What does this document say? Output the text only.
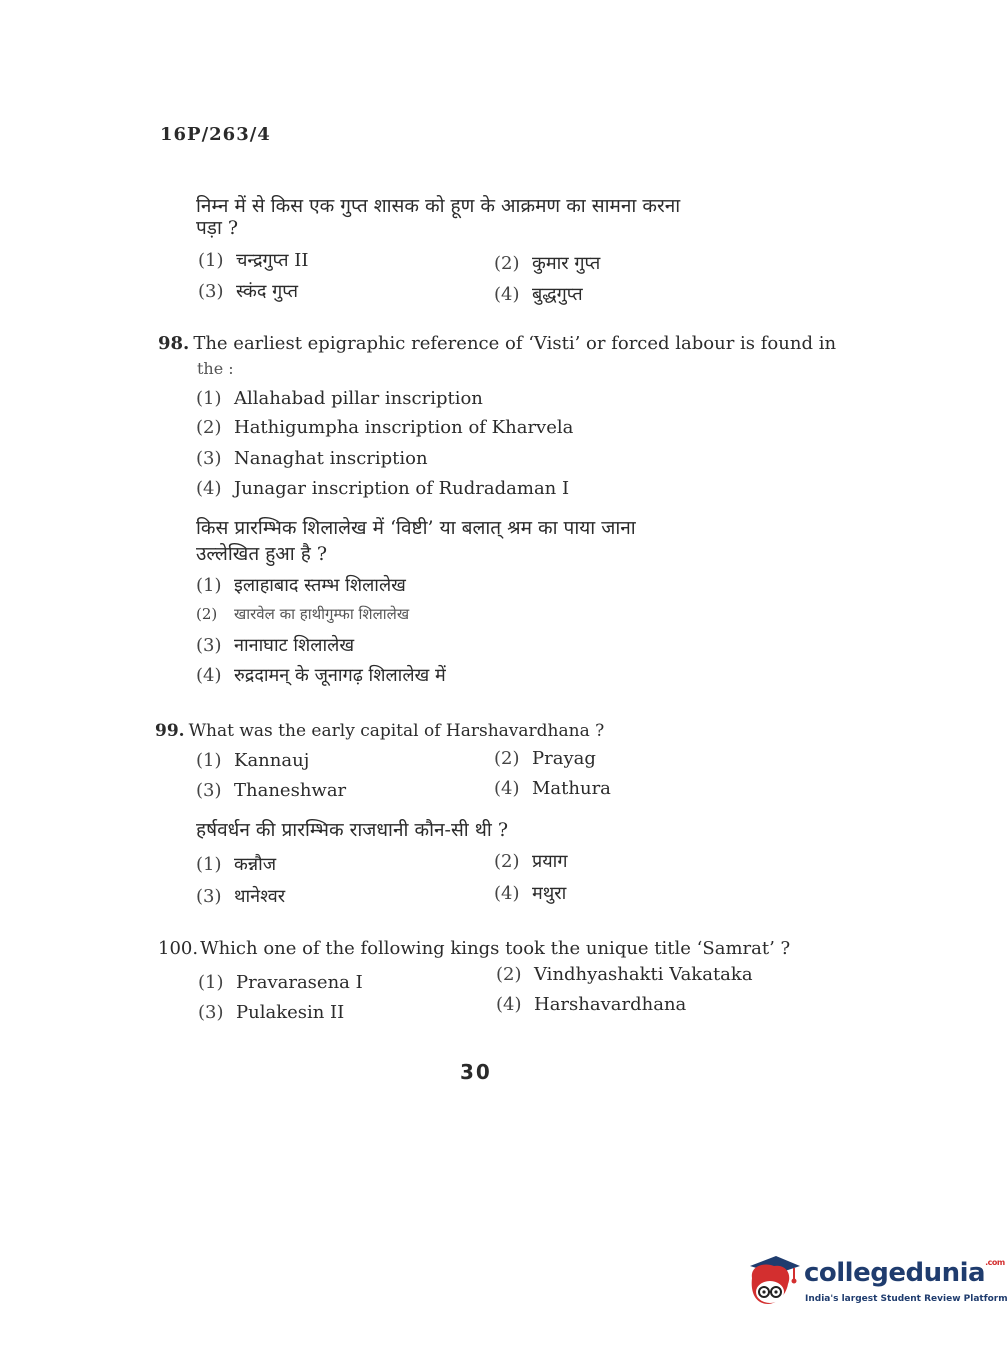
16P/263/4
निम्न में से किस एक गुप्त शासक को हूण के आक्रमण का सामना करना
पड़ा ?
(1) चन्द्रगुप्त II	(2) कुमार गुप्त
(3) स्कंद गुप्त	(4) बुद्धगुप्त
98. The earliest epigraphic reference of ‘Visti’ or forced labour is found in
the :
(1) Allahabad pillar inscription
(2) Hathigumpha inscription of Kharvela
(3) Nanaghat inscription
(4) Junagar inscription of Rudradaman I
किस प्रारम्भिक शिलालेख में ‘विष्टी’ या बलात् श्रम का पाया जाना
उल्लेखित हुआ है ?
(1) इलाहाबाद स्तम्भ शिलालेख
(2) खारवेल का हाथीगुम्फा शिलालेख
(3) नानाघाट शिलालेख
(4) रुद्रदामन् के जूनागढ़ शिलालेख में
99. What was the early capital of Harshavardhana ?
(1) Kannauj	(2) Prayag
(3) Thaneshwar	(4) Mathura
हर्षवर्धन की प्रारम्भिक राजधानी कौन-सी थी ?
(1) कन्नौज	(2) प्रयाग
(3) थानेश्वर	(4) मथुरा
100. Which one of the following kings took the unique title ‘Samrat’ ?
(1) Pravarasena I	(2) Vindhyashakti Vakataka
(3) Pulakesin II	(4) Harshavardhana
30
collegedunia$^{.com}$
India's largest Student Review Platform
